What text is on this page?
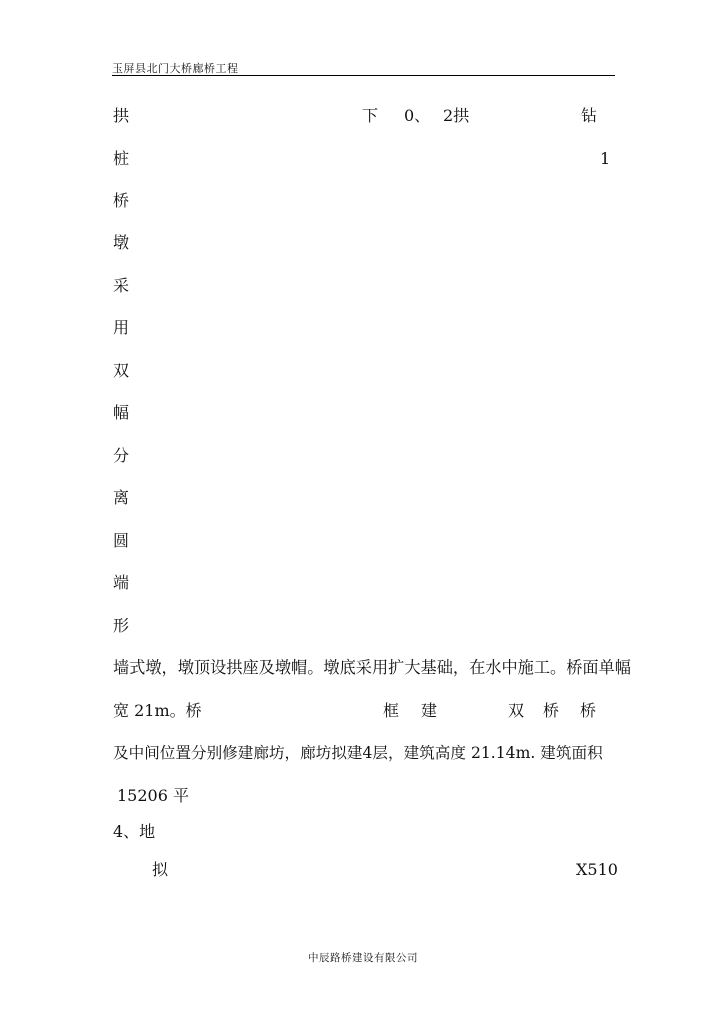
玉屏县北门大桥廊桥工程
拱	下 0、 2拱	钻
桩	1
桥
墩
采
用
双
幅
分
离
圆
端
形
墙式墩，墩顶设拱座及墩帽。墩底采用扩大基础，在水中施工。桥面单幅
宽 21m。桥	框 建	双 桥 桥
及中间位置分别修建廊坊，廊坊拟建4层，建筑高度 21.14m. 建筑面积
15206 平
4、地
拟	X510
中辰路桥建设有限公司
